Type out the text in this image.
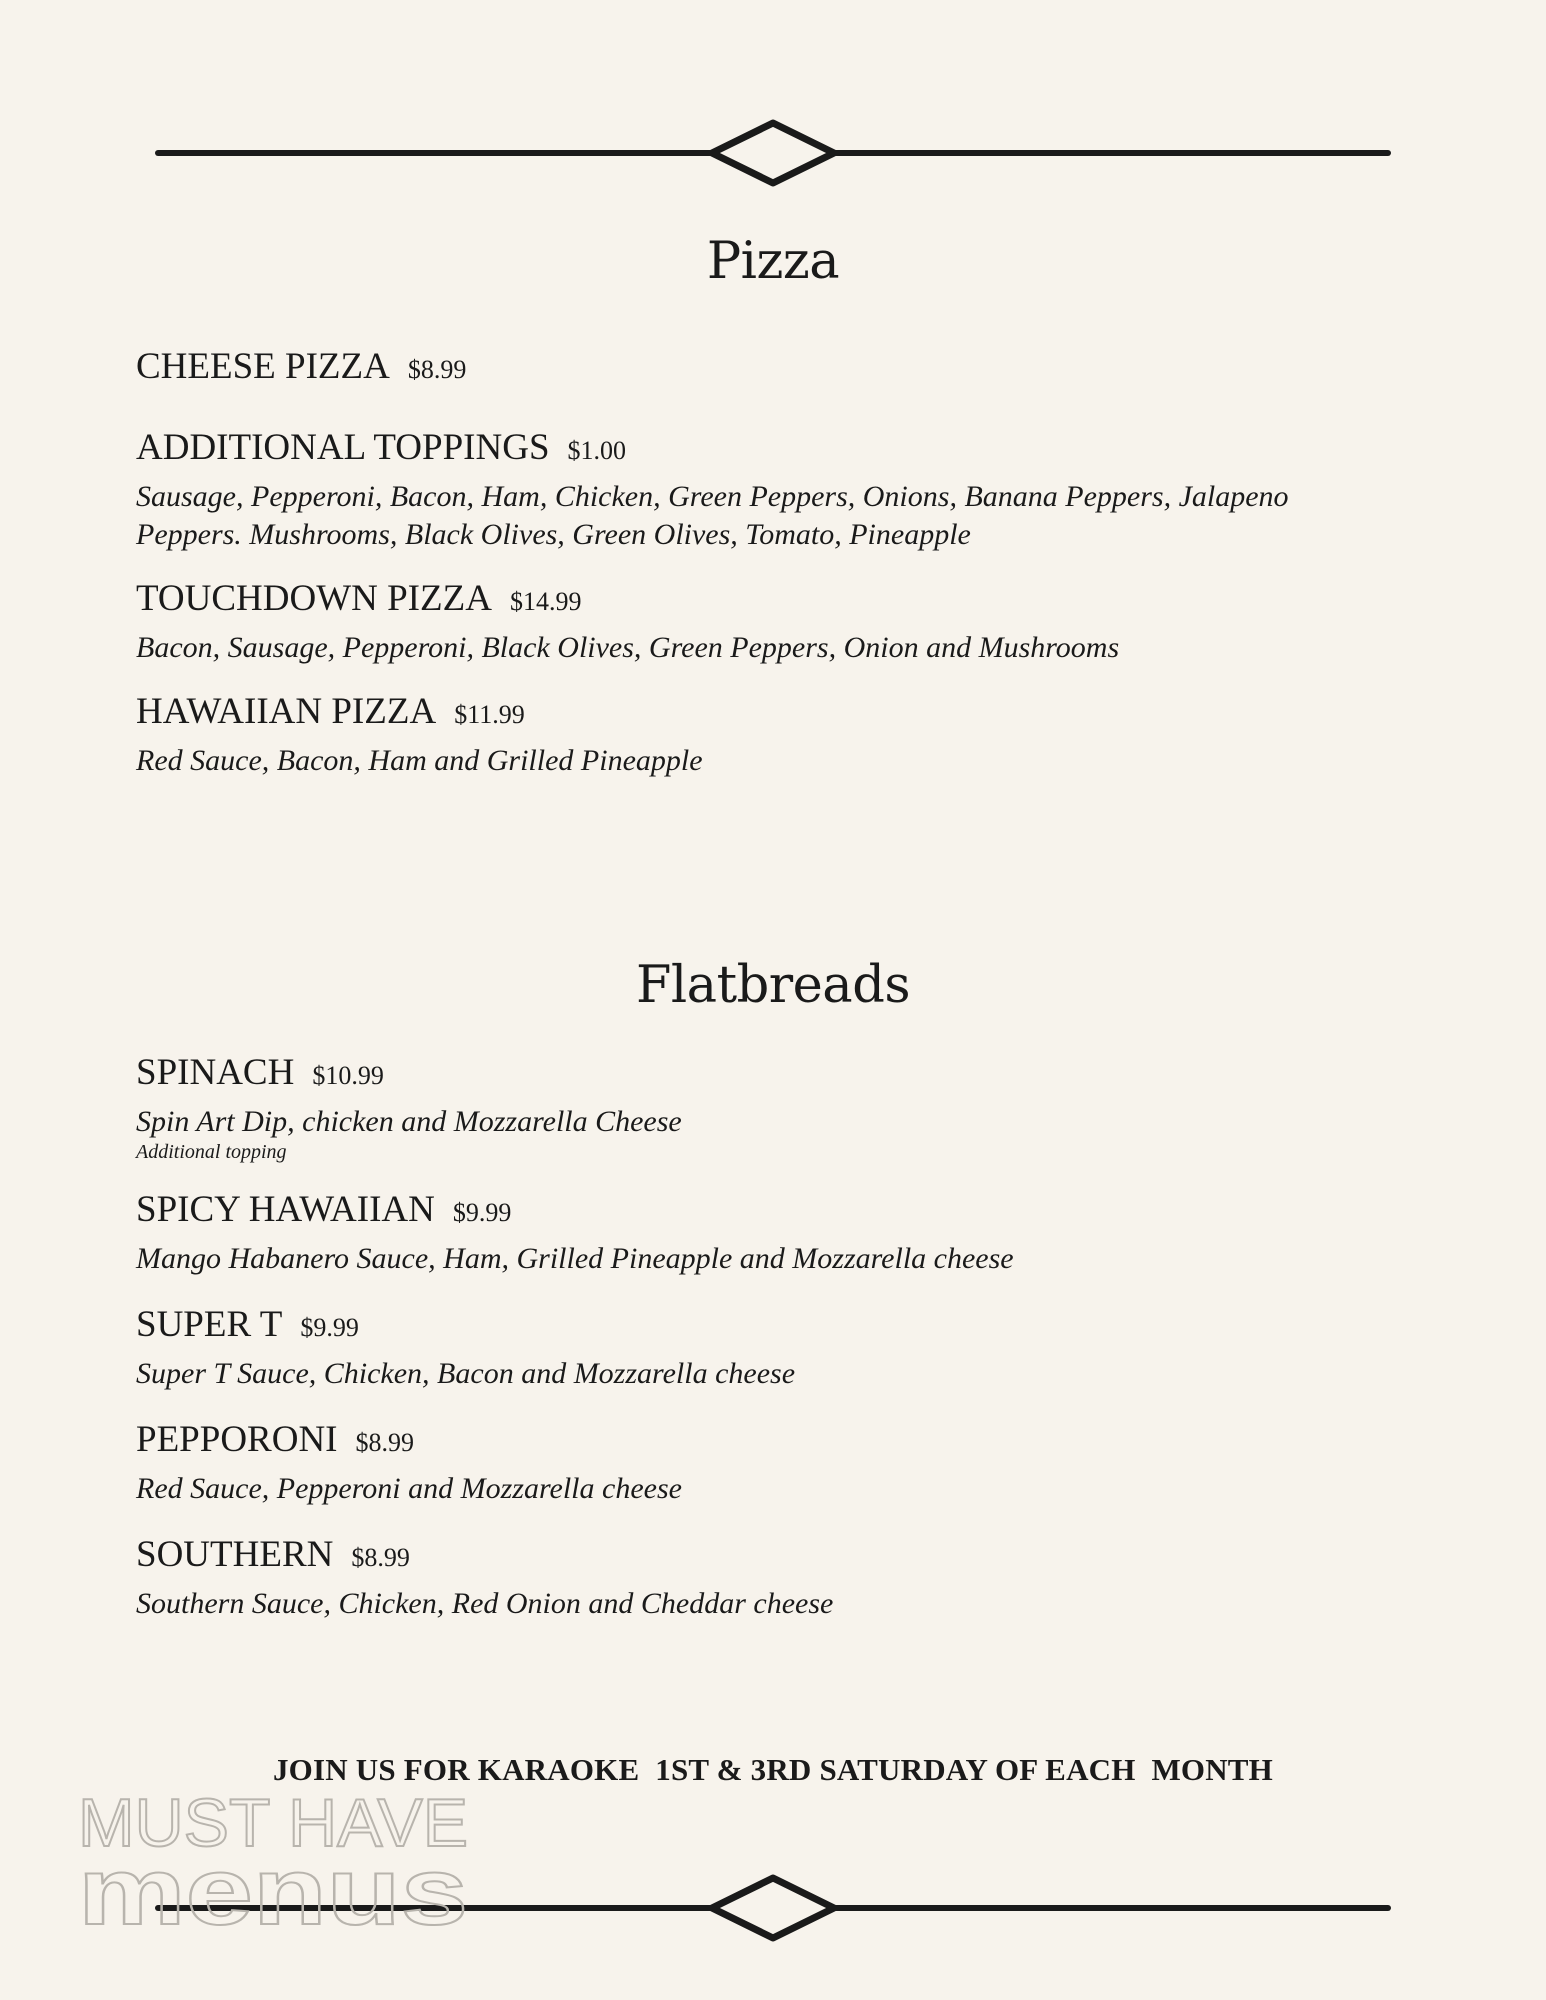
Pizza
CHEESE PIZZA $8.99
ADDITIONAL TOPPINGS $1.00
Sausage, Pepperoni, Bacon, Ham, Chicken, Green Peppers, Onions, Banana Peppers, Jalapeno Peppers. Mushrooms, Black Olives, Green Olives, Tomato, Pineapple
TOUCHDOWN PIZZA $14.99
Bacon, Sausage, Pepperoni, Black Olives, Green Peppers, Onion and Mushrooms
HAWAIIAN PIZZA $11.99
Red Sauce, Bacon, Ham and Grilled Pineapple
Flatbreads
SPINACH $10.99
Spin Art Dip, chicken and Mozzarella Cheese
Additional topping
SPICY HAWAIIAN $9.99
Mango Habanero Sauce, Ham, Grilled Pineapple and Mozzarella cheese
SUPER T $9.99
Super T Sauce, Chicken, Bacon and Mozzarella cheese
PEPPORONI $8.99
Red Sauce, Pepperoni and Mozzarella cheese
SOUTHERN $8.99
Southern Sauce, Chicken, Red Onion and Cheddar cheese
JOIN US FOR KARAOKE  1ST & 3RD SATURDAY OF EACH  MONTH
MUST HAVE
menus
